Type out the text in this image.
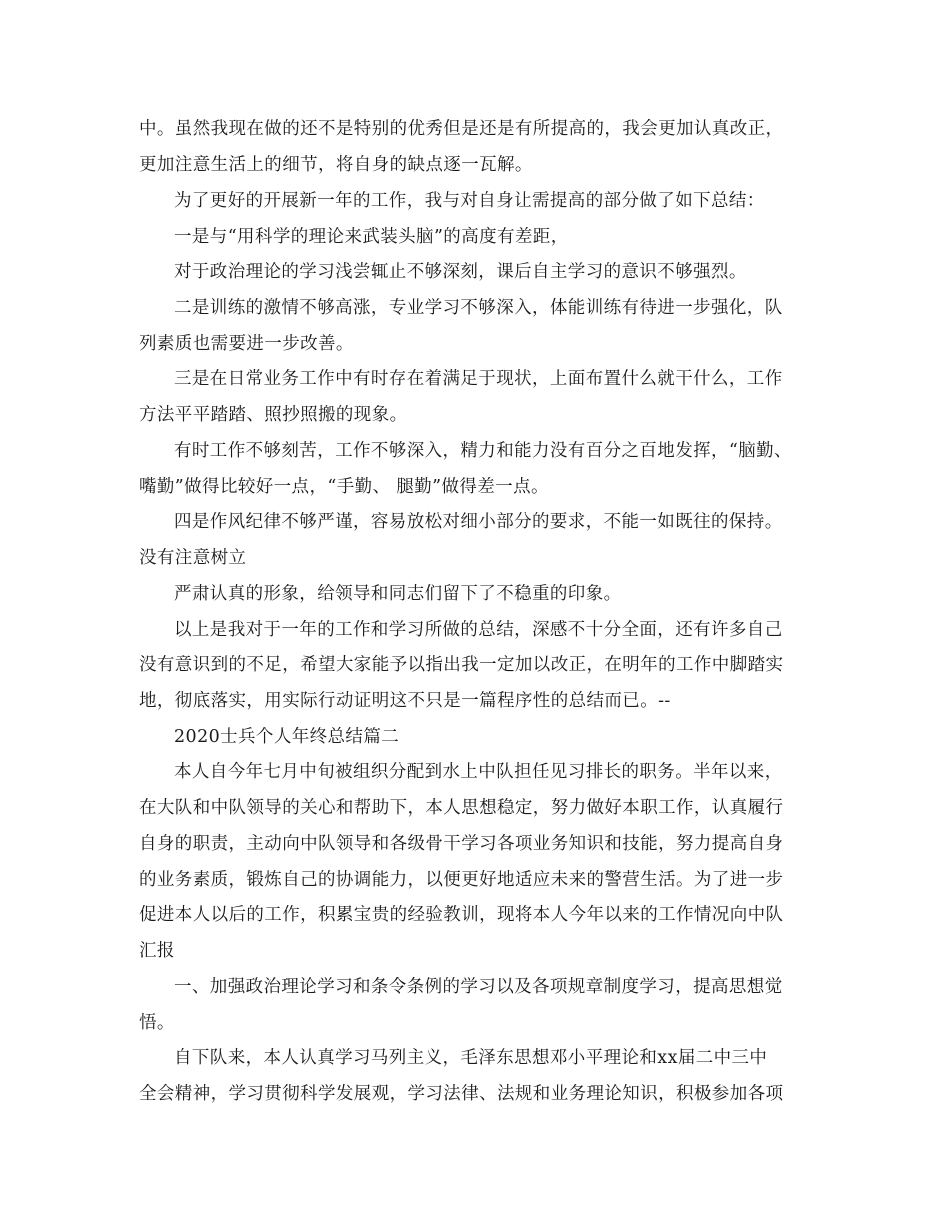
中。虽然我现在做的还不是特别的优秀但是还是有所提高的，我会更加认真改正，
更加注意生活上的细节，将自身的缺点逐一瓦解。
为了更好的开展新一年的工作，我与对自身让需提高的部分做了如下总结：
一是与“用科学的理论来武装头脑”的高度有差距，
对于政治理论的学习浅尝辄止不够深刻，课后自主学习的意识不够强烈。
二是训练的激情不够高涨，专业学习不够深入，体能训练有待进一步强化，队
列素质也需要进一步改善。
三是在日常业务工作中有时存在着满足于现状，上面布置什么就干什么，工作
方法平平踏踏、照抄照搬的现象。
有时工作不够刻苦，工作不够深入，精力和能力没有百分之百地发挥，“脑勤、
嘴勤”做得比较好一点，“手勤、 腿勤”做得差一点。
四是作风纪律不够严谨，容易放松对细小部分的要求，不能一如既往的保持。
没有注意树立
严肃认真的形象，给领导和同志们留下了不稳重的印象。
以上是我对于一年的工作和学习所做的总结，深感不十分全面，还有许多自己
没有意识到的不足，希望大家能予以指出我一定加以改正，在明年的工作中脚踏实
地，彻底落实，用实际行动证明这不只是一篇程序性的总结而已。--
2020士兵个人年终总结篇二
本人自今年七月中旬被组织分配到水上中队担任见习排长的职务。半年以来，
在大队和中队领导的关心和帮助下，本人思想稳定，努力做好本职工作，认真履行
自身的职责，主动向中队领导和各级骨干学习各项业务知识和技能，努力提高自身
的业务素质，锻炼自己的协调能力，以便更好地适应未来的警营生活。为了进一步
促进本人以后的工作，积累宝贵的经验教训，现将本人今年以来的工作情况向中队
汇报
一、加强政治理论学习和条令条例的学习以及各项规章制度学习，提高思想觉
悟。
自下队来，本人认真学习马列主义，毛泽东思想邓小平理论和xx届二中三中
全会精神，学习贯彻科学发展观，学习法律、法规和业务理论知识，积极参加各项
